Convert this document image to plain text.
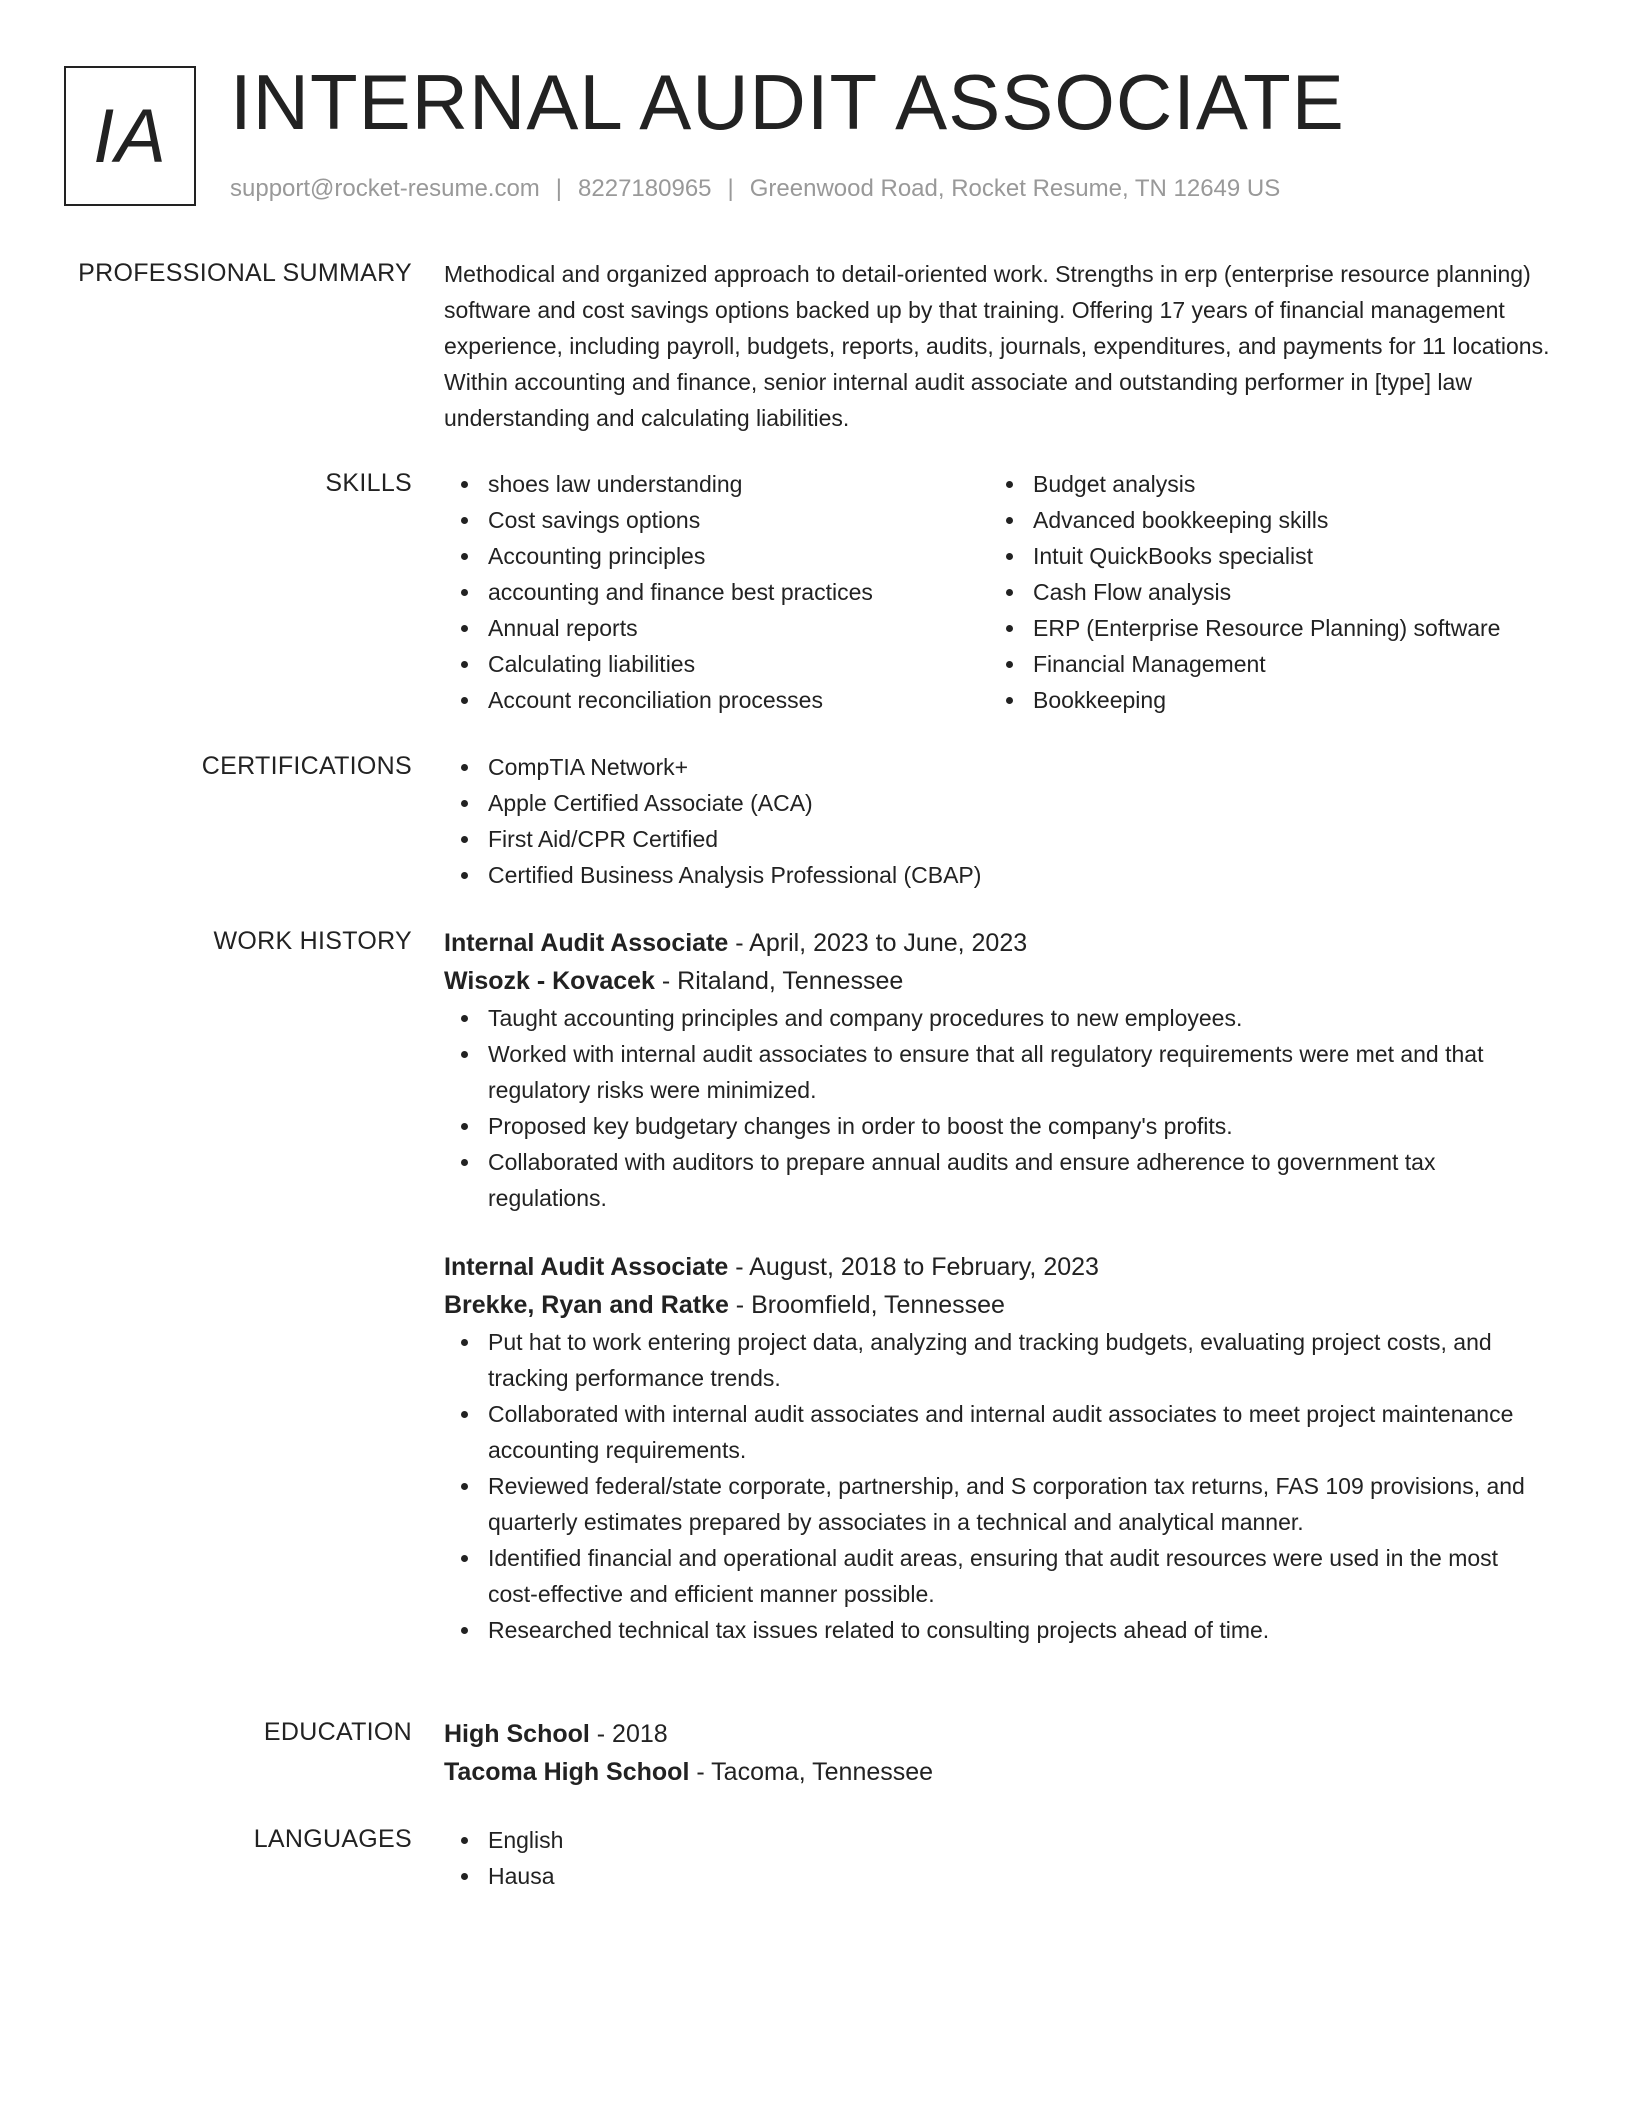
IA INTERNAL AUDIT ASSOCIATE
support@rocket-resume.com | 8227180965 | Greenwood Road, Rocket Resume, TN 12649 US
PROFESSIONAL SUMMARY Methodical and organized approach to detail-oriented work. Strengths in erp (enterprise resource planning) software and cost savings options backed up by that training. Offering 17 years of financial management experience, including payroll, budgets, reports, audits, journals, expenditures, and payments for 11 locations. Within accounting and finance, senior internal audit associate and outstanding performer in [type] law understanding and calculating liabilities.

SKILLS	shoes law understanding
Cost savings options
Accounting principles
accounting and finance best practices
Annual reports
Calculating liabilities
Account reconciliation processes
Budget analysis
Advanced bookkeeping skills
Intuit QuickBooks specialist
Cash Flow analysis
ERP (Enterprise Resource Planning) software
Financial Management
Bookkeeping
CERTIFICATIONS	CompTIA Network+
Apple Certified Associate (ACA)
First Aid/CPR Certified
Certified Business Analysis Professional (CBAP)
WORK HISTORY Internal Audit Associate - April, 2023 to June, 2023
Wisozk - Kovacek - Ritaland, Tennessee
Taught accounting principles and company procedures to new employees.
Worked with internal audit associates to ensure that all regulatory requirements were met and that regulatory risks were minimized.
Proposed key budgetary changes in order to boost the company's profits.
Collaborated with auditors to prepare annual audits and ensure adherence to government tax regulations.
Internal Audit Associate - August, 2018 to February, 2023
Brekke, Ryan and Ratke - Broomfield, Tennessee
Put hat to work entering project data, analyzing and tracking budgets, evaluating project costs, and tracking performance trends.
Collaborated with internal audit associates and internal audit associates to meet project maintenance accounting requirements.
Reviewed federal/state corporate, partnership, and S corporation tax returns, FAS 109 provisions, and quarterly estimates prepared by associates in a technical and analytical manner.
Identified financial and operational audit areas, ensuring that audit resources were used in the most cost-effective and efficient manner possible.
Researched technical tax issues related to consulting projects ahead of time.
EDUCATION High School - 2018
Tacoma High School - Tacoma, Tennessee
LANGUAGES	English
Hausa
